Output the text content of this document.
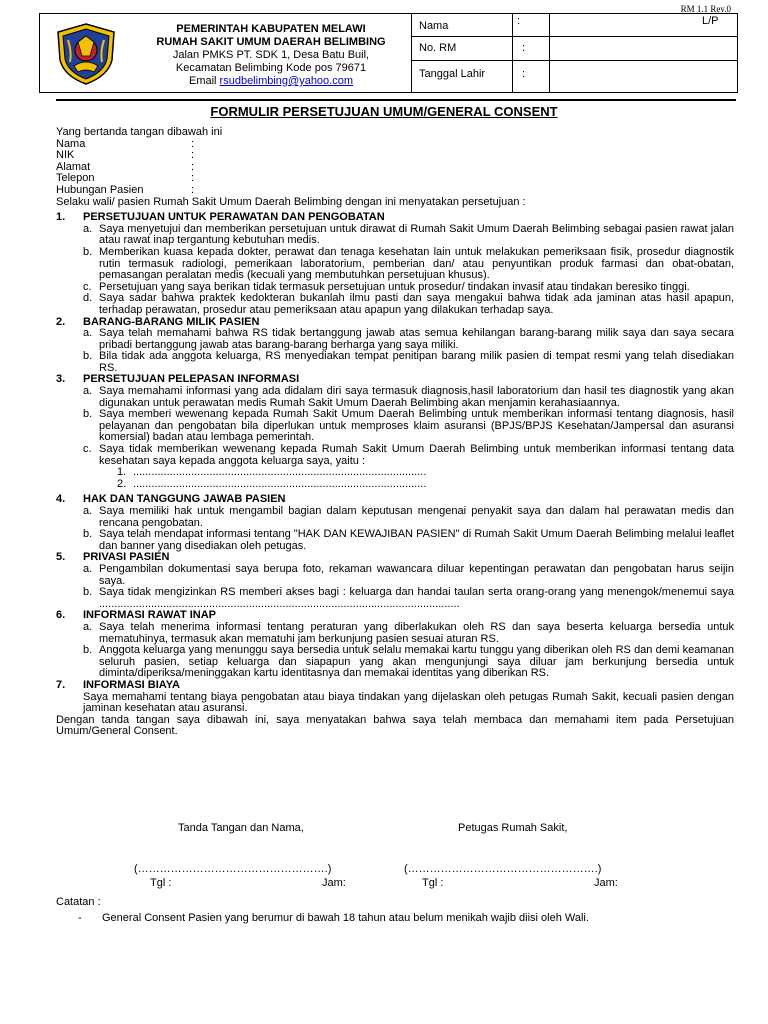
RM 1.1 Rev.0
PEMERINTAH KABUPATEN MELAWI
RUMAH SAKIT UMUM DAERAH BELIMBING
Jalan PMKS PT. SDK 1, Desa Batu Buil,
Kecamatan Belimbing Kode pos 79671
Email rsudbelimbing@yahoo.com
Nama	:	L/P
No. RM	:
Tanggal Lahir	:
FORMULIR PERSETUJUAN UMUM/GENERAL CONSENT

Yang bertanda tangan dibawah ini

Nama	:
NIK	:
Alamat	:
Telepon	:
Hubungan Pasien	:

Selaku wali/ pasien Rumah Sakit Umum Daerah Belimbing dengan ini menyatakan persetujuan :

1.	PERSETUJUAN UNTUK PERAWATAN DAN PENGOBATAN
a. Saya menyetujui dan memberikan persetujuan untuk dirawat di Rumah Sakit Umum Daerah Belimbing sebagai pasien rawat jalan atau rawat inap tergantung kebutuhan medis.
b. Memberikan kuasa kepada dokter, perawat dan tenaga kesehatan lain untuk melakukan pemeriksaan fisik, prosedur diagnostik rutin termasuk radiologi, pemerikaan laboratorium, pemberian dan/ atau penyuntikan produk farmasi dan obat-obatan, pemasangan peralatan medis (kecuali yang membutuhkan persetujuan khusus).
c. Persetujuan yang saya berikan tidak termasuk persetujuan untuk prosedur/ tindakan invasif atau tindakan beresiko tinggi.
d. Saya sadar bahwa praktek kedokteran bukanlah ilmu pasti dan saya mengakui bahwa tidak ada jaminan atas hasil apapun, terhadap perawatan, prosedur atau pemeriksaan atau apapun yang dilakukan terhadap saya.
2.	BARANG-BARANG MILIK PASIEN
a. Saya telah memahami bahwa RS tidak bertanggung jawab atas semua kehilangan barang-barang milik saya dan saya secara pribadi bertanggung jawab atas barang-barang berharga yang saya miliki.
b. Bila tidak ada anggota keluarga, RS menyediakan tempat penitipan barang milik pasien di tempat resmi yang telah disediakan RS.
3.	PERSETUJUAN PELEPASAN INFORMASI
a. Saya memahami informasi yang ada didalam diri saya termasuk diagnosis,hasil laboratorium dan hasil tes diagnostik yang akan digunakan untuk perawatan medis Rumah Sakit Umum Daerah Belimbing akan menjamin kerahasiaannya.
b. Saya memberi wewenang kepada Rumah Sakit Umum Daerah Belimbing untuk memberikan informasi tentang diagnosis, hasil pelayanan dan pengobatan bila diperlukan untuk memproses klaim asuransi (BPJS/BPJS Kesehatan/Jampersal dan asuransi komersial) badan atau lembaga pemerintah.
c. Saya tidak memberikan wewenang kepada Rumah Sakit Umum Daerah Belimbing untuk memberikan informasi tentang data kesehatan saya kepada anggota keluarga saya, yaitu :
1. ................................................................................................
2. ................................................................................................
4.	HAK DAN TANGGUNG JAWAB PASIEN
a. Saya memiliki hak untuk mengambil bagian dalam keputusan mengenai penyakit saya dan dalam hal perawatan medis dan rencana pengobatan.
b. Saya telah mendapat informasi tentang "HAK DAN KEWAJIBAN PASIEN" di Rumah Sakit Umum Daerah Belimbing melalui leaflet dan banner yang disediakan oleh petugas.
5.	PRIVASI PASIEN
a. Pengambilan dokumentasi saya berupa foto, rekaman wawancara diluar kepentingan perawatan dan pengobatan harus seijin saya.
b. Saya tidak mengizinkan RS memberi akses bagi : keluarga dan handai taulan serta orang-orang yang menengok/menemui saya ......................................................................................................................
6.	INFORMASI RAWAT INAP
a. Saya telah menerima informasi tentang peraturan yang diberlakukan oleh RS dan saya beserta keluarga bersedia untuk mematuhinya, termasuk akan mematuhi jam berkunjung pasien sesuai aturan RS.
b. Anggota keluarga yang menunggu saya bersedia untuk selalu memakai kartu tunggu yang diberikan oleh RS dan demi keamanan seluruh pasien, setiap keluarga dan siapapun yang akan mengunjungi saya diluar jam berkunjung bersedia untuk diminta/diperiksa/meninggakan kartu identitasnya dan memakai identitas yang diberikan RS.
7.	INFORMASI BIAYA
Saya memahami tentang biaya pengobatan atau biaya tindakan yang dijelaskan oleh petugas Rumah Sakit, kecuali pasien dengan jaminan kesehatan atau asuransi.

Dengan tanda tangan saya dibawah ini, saya menyatakan bahwa saya telah membaca dan memahami item pada Persetujuan Umum/General Consent.

Tanda Tangan dan Nama,	Petugas Rumah Sakit,
(…………………………………………….)	(…………………………………………….)
Tgl :	Jam:	Tgl :	Jam:
Catatan :
- General Consent Pasien yang berumur di bawah 18 tahun atau belum menikah wajib diisi oleh Wali.
